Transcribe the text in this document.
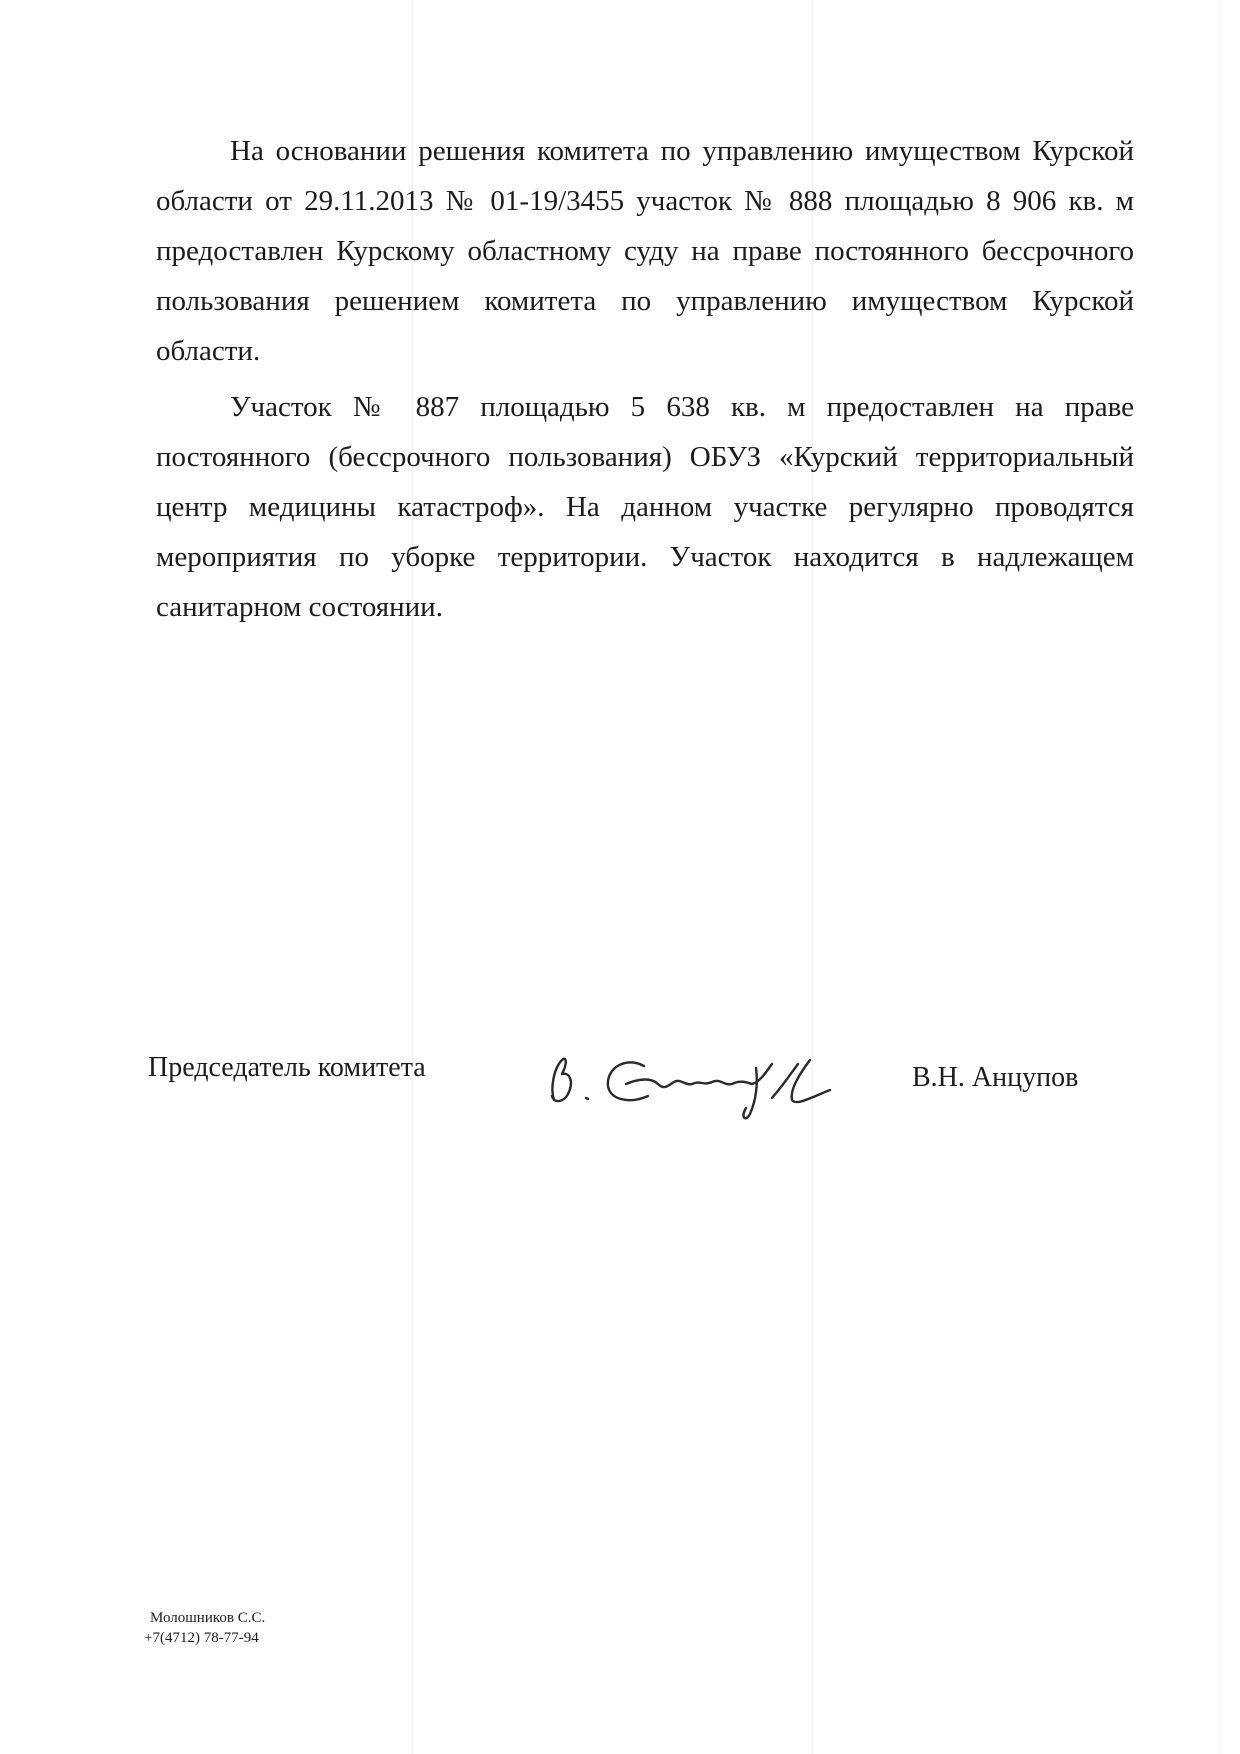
На основании решения комитета по управлению имуществом Курской области от 29.11.2013 № 01-19/3455 участок № 888 площадью 8 906 кв. м предоставлен Курскому областному суду на праве постоянного бессрочного пользования решением комитета по управлению имуществом Курской области.

Участок № 887 площадью 5 638 кв. м предоставлен на праве постоянного (бессрочного пользования) ОБУЗ «Курский территориальный центр медицины катастроф». На данном участке регулярно проводятся мероприятия по уборке территории. Участок находится в надлежащем санитарном состоянии.

Председатель комитета	В.Н. Анцупов

Молошников С.С.
+7(4712) 78-77-94
